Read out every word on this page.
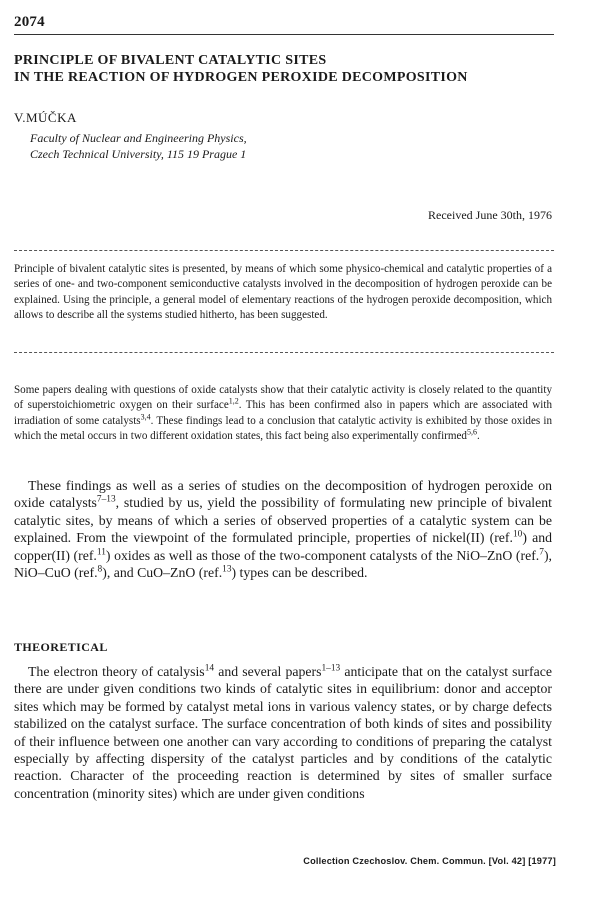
2074
PRINCIPLE OF BIVALENT CATALYTIC SITES
IN THE REACTION OF HYDROGEN PEROXIDE DECOMPOSITION
V.MÚČKA
Faculty of Nuclear and Engineering Physics,
Czech Technical University, 115 19 Prague 1
Received June 30th, 1976
Principle of bivalent catalytic sites is presented, by means of which some physico-chemical and catalytic properties of a series of one- and two-component semiconductive catalysts involved in the decomposition of hydrogen peroxide can be explained. Using the principle, a general model of elementary reactions of the hydrogen peroxide decomposition, which allows to describe all the systems studied hitherto, has been suggested.
Some papers dealing with questions of oxide catalysts show that their catalytic activity is closely related to the quantity of superstoichiometric oxygen on their surface$^{1,2}$. This has been confirmed also in papers which are associated with irradiation of some catalysts$^{3,4}$. These findings lead to a conclusion that catalytic activity is exhibited by those oxides in which the metal occurs in two different oxidation states, this fact being also experimentally confirmed$^{5,6}$.
These findings as well as a series of studies on the decomposition of hydrogen peroxide on oxide catalysts$^{7-13}$, studied by us, yield the possibility of formulating new principle of bivalent catalytic sites, by means of which a series of observed properties of a catalytic system can be explained. From the viewpoint of the formulated principle, properties of nickel(II) (ref.$^{10}$) and copper(II) (ref.$^{11}$) oxides as well as those of the two-component catalysts of the NiO–ZnO (ref.$^7$), NiO–CuO (ref.$^8$), and CuO–ZnO (ref.$^{13}$) types can be described.
THEORETICAL
The electron theory of catalysis$^{14}$ and several papers$^{1-13}$ anticipate that on the catalyst surface there are under given conditions two kinds of catalytic sites in equilibrium: donor and acceptor sites which may be formed by catalyst metal ions in various valency states, or by charge defects stabilized on the catalyst surface. The surface concentration of both kinds of sites and possibility of their influence between one another can vary according to conditions of preparing the catalyst especially by affecting dispersity of the catalyst particles and by conditions of the catalytic reaction. Character of the proceeding reaction is determined by sites of smaller surface concentration (minority sites) which are under given conditions
Collection Czechoslov. Chem. Commun. [Vol. 42] [1977]
